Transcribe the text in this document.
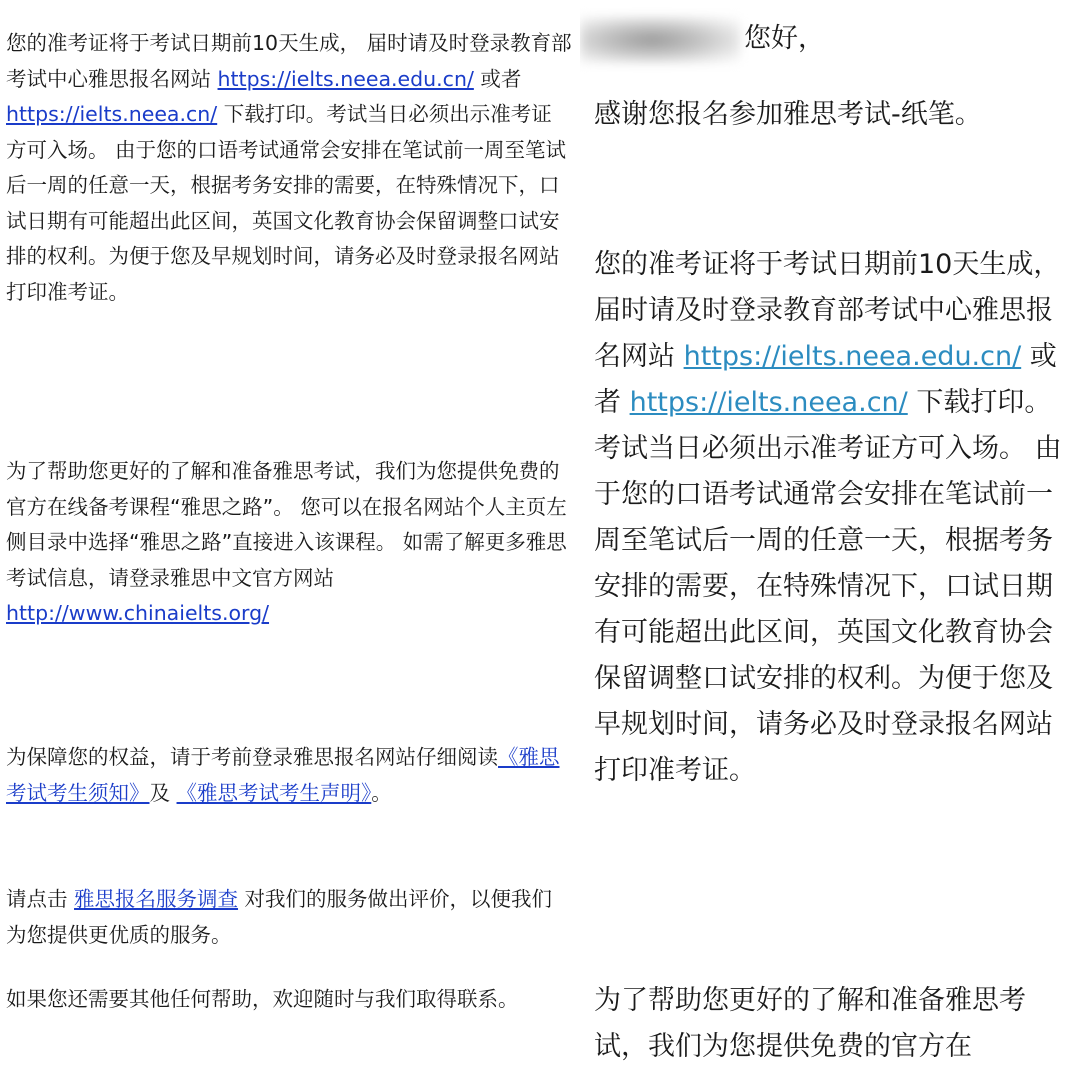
您的准考证将于考试日期前10天生成， 届时请及时登录教育部考试中心雅思报名网站 https://ielts.neea.edu.cn/ 或者 https://ielts.neea.cn/ 下载打印。考试当日必须出示准考证方可入场。 由于您的口语考试通常会安排在笔试前一周至笔试后一周的任意一天，根据考务安排的需要，在特殊情况下，口试日期有可能超出此区间，英国文化教育协会保留调整口试安排的权利。为便于您及早规划时间，请务必及时登录报名网站打印准考证。

为了帮助您更好的了解和准备雅思考试，我们为您提供免费的官方在线备考课程“雅思之路”。 您可以在报名网站个人主页左侧目录中选择“雅思之路”直接进入该课程。 如需了解更多雅思考试信息，请登录雅思中文官方网站 http://www.chinaielts.org/

为保障您的权益，请于考前登录雅思报名网站仔细阅读《雅思考试考生须知》及 《雅思考试考生声明》。

请点击 雅思报名服务调查 对我们的服务做出评价，以便我们为您提供更优质的服务。

如果您还需要其他任何帮助，欢迎随时与我们取得联系。

您好，

感谢您报名参加雅思考试-纸笔。

您的准考证将于考试日期前10天生成， 届时请及时登录教育部考试中心雅思报名网站 https://ielts.neea.edu.cn/ 或者 https://ielts.neea.cn/ 下载打印。考试当日必须出示准考证方可入场。 由于您的口语考试通常会安排在笔试前一周至笔试后一周的任意一天，根据考务安排的需要，在特殊情况下，口试日期有可能超出此区间，英国文化教育协会保留调整口试安排的权利。为便于您及早规划时间，请务必及时登录报名网站打印准考证。

为了帮助您更好的了解和准备雅思考试，我们为您提供免费的官方在
